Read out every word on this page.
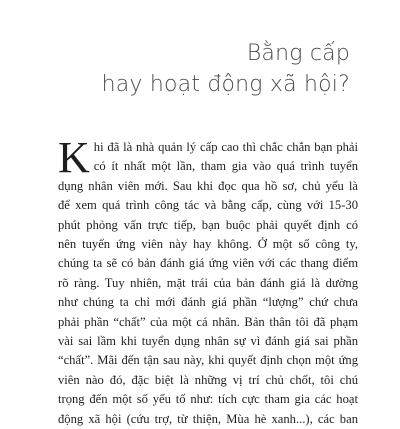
Bằng cấp
hay hoạt động xã hội?
K hi đã là nhà quản lý cấp cao thì chắc chắn bạn phải
có ít nhất một lần, tham gia vào quá trình tuyển
dụng nhân viên mới. Sau khi đọc qua hồ sơ, chủ yếu là
để xem quá trình công tác và bằng cấp, cùng với 15-30
phút phỏng vấn trực tiếp, bạn buộc phải quyết định có
nên tuyển ứng viên này hay không. Ở một số công ty,
chúng ta sẽ có bản đánh giá ứng viên với các thang điểm
rõ ràng. Tuy nhiên, mặt trái của bản đánh giá là dường
như chúng ta chỉ mới đánh giá phần “lượng” chứ chưa
phải phần “chất” của một cá nhân. Bản thân tôi đã phạm
vài sai lầm khi tuyển dụng nhân sự vì đánh giá sai phần
“chất”. Mãi đến tận sau này, khi quyết định chọn một ứng
viên nào đó, đặc biệt là những vị trí chủ chốt, tôi chú
trọng đến một số yếu tố như: tích cực tham gia các hoạt
động xã hội (cứu trợ, từ thiện, Mùa hè xanh...), các ban
